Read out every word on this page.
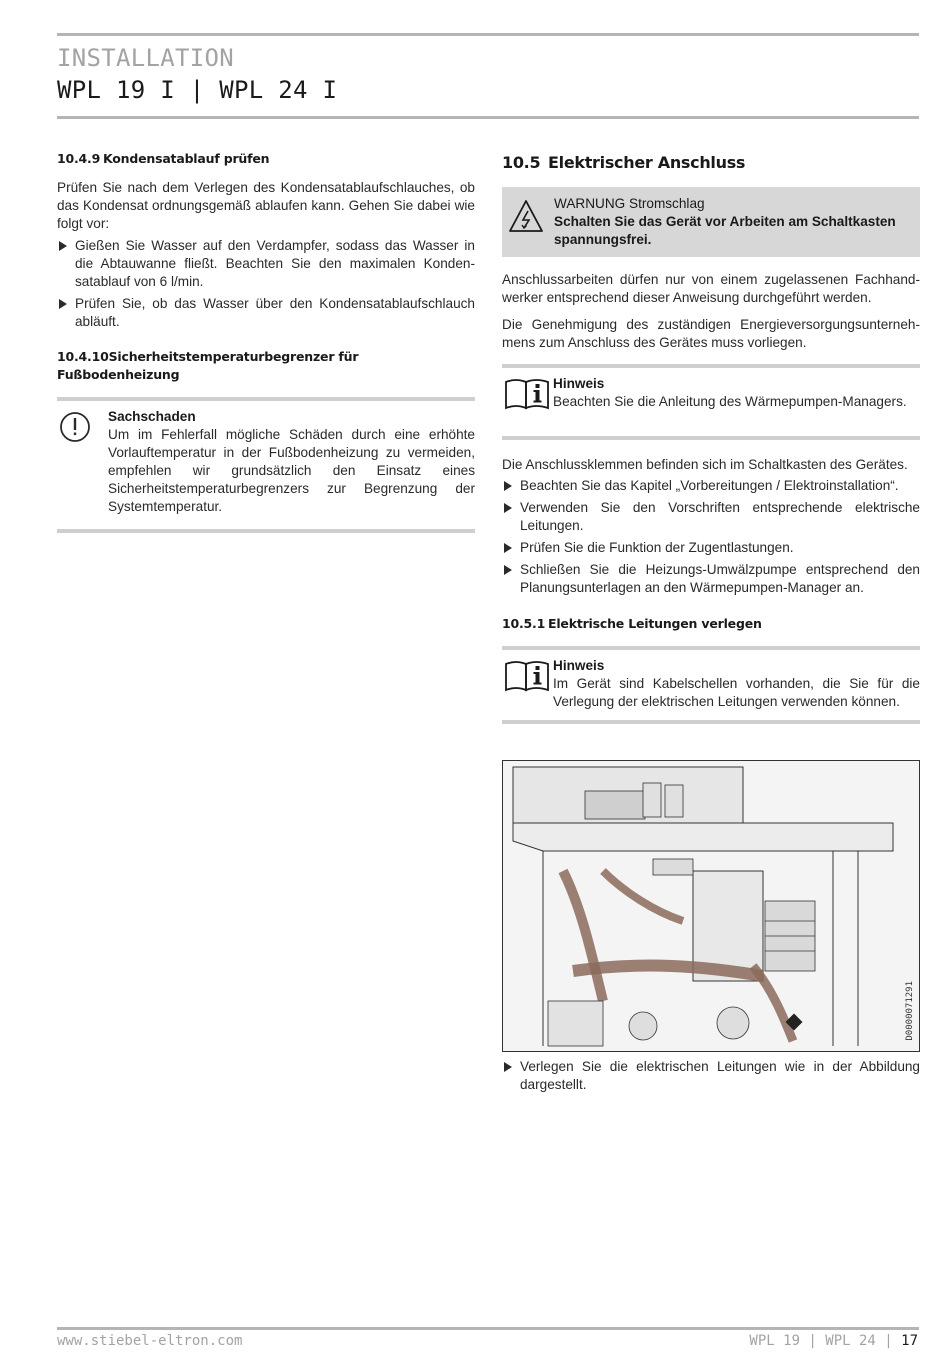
INSTALLATION
WPL 19 I | WPL 24 I
10.4.9 Kondensatablauf prüfen

Prüfen Sie nach dem Verlegen des Kondensatablaufschlauches, ob das Kondensat ordnungsgemäß ablaufen kann. Gehen Sie dabei wie folgt vor:

Gießen Sie Wasser auf den Verdampfer, sodass das Wasser in die Abtauwanne fließt. Beachten Sie den maximalen Kondensatablauf von 6 l/min.

Prüfen Sie, ob das Wasser über den Kondensatablaufschlauch abläuft.

10.4.10Sicherheitstemperaturbegrenzer für Fußbodenheizung
Sachschaden

Um im Fehlerfall mögliche Schäden durch eine erhöhte Vorlauftemperatur in der Fußbodenheizung zu vermeiden, empfehlen wir grundsätzlich den Einsatz eines Sicherheitstemperaturbegrenzers zur Begrenzung der Systemtemperatur.

10.5 Elektrischer Anschluss
WARNUNG Stromschlag
Schalten Sie das Gerät vor Arbeiten am Schaltkasten spannungsfrei.

Anschlussarbeiten dürfen nur von einem zugelassenen Fachhandwerker entsprechend dieser Anweisung durchgeführt werden.

Die Genehmigung des zuständigen Energieversorgungsunternehmens zum Anschluss des Gerätes muss vorliegen.

Hinweis

Beachten Sie die Anleitung des Wärmepumpen-Managers.

Die Anschlussklemmen befinden sich im Schaltkasten des Gerätes.

Beachten Sie das Kapitel „Vorbereitungen / Elektroinstallation“.

Verwenden Sie den Vorschriften entsprechende elektrische Leitungen.

Prüfen Sie die Funktion der Zugentlastungen.

Schließen Sie die Heizungs-Umwälzpumpe entsprechend den Planungsunterlagen an den Wärmepumpen-Manager an.

10.5.1 Elektrische Leitungen verlegen
Hinweis

Im Gerät sind Kabelschellen vorhanden, die Sie für die Verlegung der elektrischen Leitungen verwenden können.

D0000071291

Verlegen Sie die elektrischen Leitungen wie in der Abbildung dargestellt.

www.stiebel-eltron.com	WPL 19 | WPL 24 | 17
